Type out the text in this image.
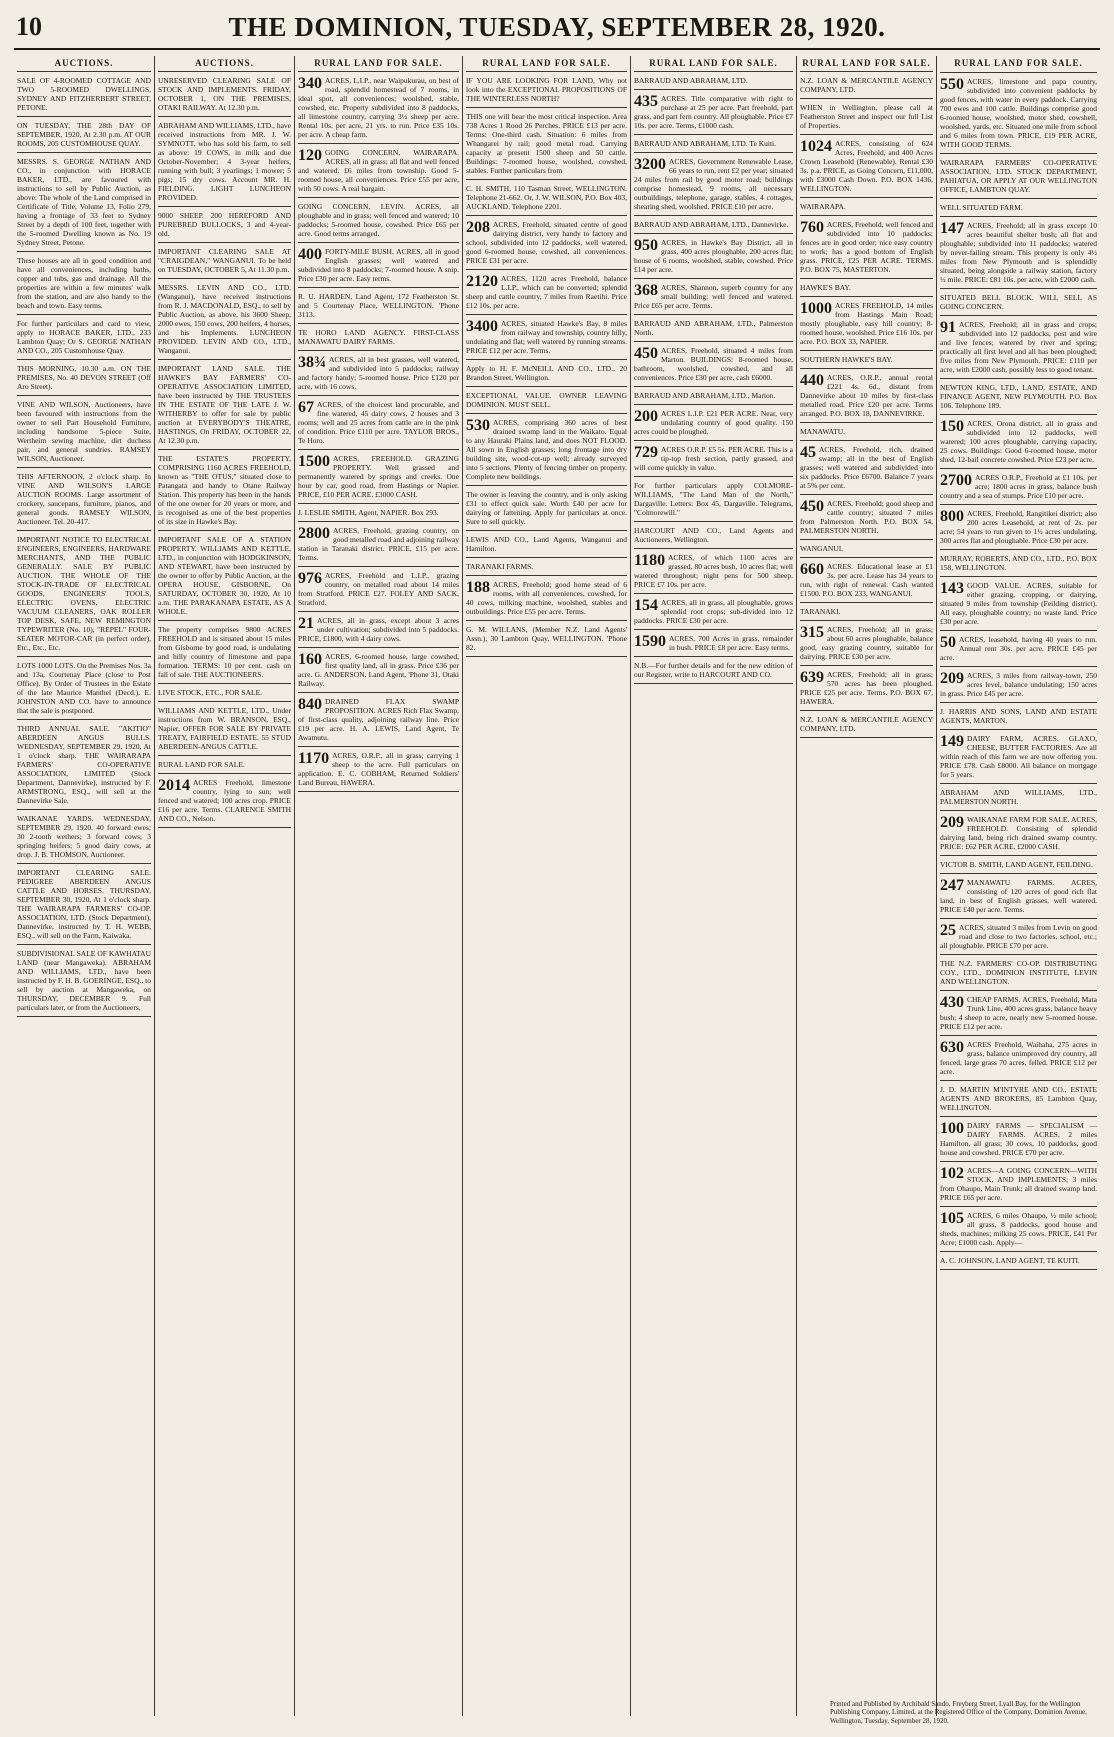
10	THE DOMINION, TUESDAY, SEPTEMBER 28, 1920.
AUCTIONS.
SALE OF 4-ROOMED COTTAGE AND TWO 5-ROOMED DWELLINGS, SYDNEY AND FITZHERBERT STREET, PETONE.
ON TUESDAY, THE 28th DAY OF SEPTEMBER, 1920, At 2.30 p.m. AT OUR ROOMS, 205 CUSTOMHOUSE QUAY.
MESSRS. S. GEORGE NATHAN AND CO., in conjunction with HORACE BAKER, LTD., are favoured with instructions to sell by Public Auction, as above: The whole of the Land comprised in Certificate of Title, Volume 13, Folio 279, having a frontage of 33 feet to Sydney Street by a depth of 100 feet, together with the 5-roomed Dwelling known as No. 19 Sydney Street, Petone.
These houses are all in good condition and have all conveniences, including baths, copper and tubs, gas and drainage. All the properties are within a few minutes' walk from the station, and are also handy to the beach and town. Easy terms.
For further particulars and card to view, apply to HORACE BAKER, LTD., 233 Lambton Quay; Or S. GEORGE NATHAN AND CO., 205 Customhouse Quay.
THIS MORNING, 10.30 a.m. ON THE PREMISES, No. 40 DEVON STREET (Off Aro Street).
VINE AND WILSON, Auctioneers, have been favoured with instructions from the owner to sell Part Household Furniture, including handsome 5-piece Suite, Wertheim sewing machine, dirt duchess pair, and general sundries. RAMSEY WILSON, Auctioneer.
THIS AFTERNOON, 2 o'clock sharp. In VINE AND WILSON'S LARGE AUCTION ROOMS. Large assortment of crockery, saucepans, furniture, pianos, and general goods. RAMSEY WILSON, Auctioneer. Tel. 20-417.
IMPORTANT NOTICE TO ELECTRICAL ENGINEERS, ENGINEERS, HARDWARE MERCHANTS, AND THE PUBLIC GENERALLY. SALE BY PUBLIC AUCTION. THE WHOLE OF THE STOCK-IN-TRADE OF ELECTRICAL GOODS, ENGINEERS' TOOLS, ELECTRIC OVENS, ELECTRIC VACUUM CLEANERS, OAK ROLLER TOP DESK, SAFE, NEW REMINGTON TYPEWRITER (No. 10), "REPEL" FOUR-SEATER MOTOR-CAR (in perfect order), Etc., Etc., Etc.
LOTS 1000 LOTS. On the Premises Nos. 3a and 13a, Courtenay Place (close to Post Office). By Order of Trustees in the Estate of the late Maurice Manthel (Decd.). E. JOHNSTON AND CO. have to announce that the sale is postponed.
THIRD ANNUAL SALE. "AKITIO" ABERDEEN ANGUS BULLS. WEDNESDAY, SEPTEMBER 29, 1920, At 1 o'clock sharp. THE WAIRARAPA FARMERS' CO-OPERATIVE ASSOCIATION, LIMITED (Stock Department, Dannevirke), instructed by F. ARMSTRONG, ESQ., will sell at the Dannevirke Sale.
WAIKANAE YARDS. WEDNESDAY, SEPTEMBER 29, 1920. 40 forward ewes; 30 2-tooth wethers; 3 forward cows; 3 springing heifers; 5 good dairy cows, at drop. J. B. THOMSON, Auctioneer.
IMPORTANT CLEARING SALE. PEDIGREE ABERDEEN ANGUS CATTLE AND HORSES. THURSDAY, SEPTEMBER 30, 1920, At 1 o'clock sharp. THE WAIRARAPA FARMERS' CO-OP. ASSOCIATION, LTD. (Stock Department), Dannevirke, instructed by T. H. WEBB, ESQ., will sell on the Farm, Kaiwaka.
SUBDIVISIONAL SALE OF KAWHATAU LAND (near Mangaweka). ABRAHAM AND WILLIAMS, LTD., have been instructed by F. H. B. GOERINGE, ESQ., to sell by auction at Mangaweka, on THURSDAY, DECEMBER 9. Full particulars later, or from the Auctioneers.
AUCTIONS.
UNRESERVED CLEARING SALE OF STOCK AND IMPLEMENTS. FRIDAY, OCTOBER 1, ON THE PREMISES, OTAKI RAILWAY. At 12.30 p.m.
ABRAHAM AND WILLIAMS, LTD., have received instructions from MR. J. W. SYMNOTT, who has sold his farm, to sell as above: 19 COWS, in milk and due October-November; 4 3-year heifers, running with bull; 3 yearlings; 1 mower; 5 pigs; 15 dry cows. Account MR. H. FIELDING. LIGHT LUNCHEON PROVIDED.
9000 SHEEP. 200 HEREFORD AND PUREBRED BULLOCKS, 3 and 4-year-old.
IMPORTANT CLEARING SALE AT "CRAIGDEAN," WANGANUI. To be held on TUESDAY, OCTOBER 5, At 11.30 p.m.
MESSRS. LEVIN AND CO., LTD. (Wanganui), have received instructions from R. J. MACDONALD, ESQ., to sell by Public Auction, as above, his 3600 Sheep, 2000 ewes, 150 cows, 200 heifers, 4 horses, and his Implements. LUNCHEON PROVIDED. LEVIN AND CO., LTD., Wanganui.
IMPORTANT LAND SALE. THE HAWKE'S BAY FARMERS' CO-OPERATIVE ASSOCIATION LIMITED, have been instructed by THE TRUSTEES IN THE ESTATE OF THE LATE J. W. WITHERBY to offer for sale by public auction at EVERYBODY'S THEATRE, HASTINGS, On FRIDAY, OCTOBER 22, At 12.30 p.m.
THE ESTATE'S PROPERTY, COMPRISING 1160 ACRES FREEHOLD, known as "THE OTUS," situated close to Patangata and handy to Otane Railway Station. This property has been in the hands of the one owner for 20 years or more, and is recognised as one of the best properties of its size in Hawke's Bay.
IMPORTANT SALE OF A STATION PROPERTY. WILLIAMS AND KETTLE, LTD., in conjunction with HODGKINSON, AND STEWART, have been instructed by the owner to offer by Public Auction, at the OPERA HOUSE, GISBORNE, On SATURDAY, OCTOBER 30, 1920, At 10 a.m. THE PARAKANAPA ESTATE, AS A WHOLE.
The property comprises 9800 ACRES FREEHOLD and is situated about 15 miles from Gisborne by good road, is undulating and hilly country of limestone and papa formation. TERMS: 10 per cent. cash on fall of sale. THE AUCTIONEERS.
LIVE STOCK, ETC., FOR SALE.
WILLIAMS AND KETTLE, LTD., Under instructions from W. BRANSON, ESQ., Napier, OFFER FOR SALE BY PRIVATE TREATY, FAIRFIELD ESTATE. 55 STUD ABERDEEN-ANGUS CATTLE.
RURAL LAND FOR SALE.
2014 ACRES Freehold, limestone country, lying to sun; well fenced and watered; 100 acres crop. PRICE £16 per acre. Terms. CLARENCE SMITH AND CO., Nelson.
RURAL LAND FOR SALE.
340 ACRES, L.I.P., near Waipukurau, on best of road, splendid homestead of 7 rooms, in ideal spot, all conveniences; woolshed, stable, cowshed, etc. Property subdivided into 8 paddocks, all limestone country, carrying 3½ sheep per acre. Rental 10s. per acre, 21 yrs. to run. Price £35 10s. per acre. A cheap farm.
120 GOING CONCERN, WAIRARAPA. ACRES, all in grass; all flat and well fenced and watered. £6 miles from township. Good 5-roomed house, all conveniences. Price £55 per acre, with 50 cows. A real bargain.
GOING CONCERN, LEVIN. ACRES, all ploughable and in grass; well fenced and watered; 10 paddocks; 5-roomed house, cowshed. Price £65 per acre. Good terms arranged.
400 FORTY-MILE BUSH. ACRES, all in good English grasses; well watered and subdivided into 8 paddocks; 7-roomed house. A snip. Price £30 per acre. Easy terms.
R. U. HARDEN, Land Agent, 172 Featherston St. and 5 Courtenay Place, WELLINGTON. 'Phone 3113.
TE HORO LAND AGENCY. FIRST-CLASS MANAWATU DAIRY FARMS.
38¾ ACRES, all in best grasses, well watered, and subdivided into 5 paddocks; railway and factory handy; 5-roomed house. Price £120 per acre, with 16 cows.
67 ACRES, of the choicest land procurable, and fine watered, 45 dairy cows, 2 houses and 3 rooms; well and 25 acres from cattle are in the pink of condition. Price £110 per acre. TAYLOR BROS., Te Horo.
1500 ACRES, FREEHOLD. GRAZING PROPERTY. Well grassed and permanently watered by springs and creeks. One hour by car, good road, from Hastings or Napier. PRICE, £10 PER ACRE. £3000 CASH.
J. LESLIE SMITH, Agent, NAPIER. Box 293.
2800 ACRES, Freehold, grazing country, on good metalled road and adjoining railway station in Taranaki district. PRICE, £15 per acre. Terms.
976 ACRES, Freehold and L.I.P., grazing country, on metalled road about 14 miles from Stratford. PRICE £27. FOLEY AND SACK, Stratford.
21 ACRES, all in grass, except about 3 acres under cultivation; subdivided into 5 paddocks. PRICE, £1800, with 4 dairy cows.
160 ACRES, 6-roomed house, large cowshed, first quality land, all in grass. Price £36 per acre. G. ANDERSON, Land Agent, 'Phone 31, Otaki Railway.
840 DRAINED FLAX SWAMP PROPOSITION. ACRES Rich Flax Swamp, of first-class quality, adjoining railway line. Price £19 per acre. H. A. LEWIS, Land Agent, Te Awamutu.
1170 ACRES, O.R.P., all in grass; carrying 1 sheep to the acre. Full particulars on application. E. C. COBHAM, Returned Soldiers' Land Bureau, HAWERA.
RURAL LAND FOR SALE.
IF YOU ARE LOOKING FOR LAND, Why not look into the EXCEPTIONAL PROPOSITIONS OF THE WINTERLESS NORTH?
THIS one will bear the most critical inspection. Area 738 Acres 1 Rood 26 Perches. PRICE £13 per acre. Terms: One-third cash. Situation: 6 miles from Whangarei by rail; good metal road. Carrying capacity at present 1500 sheep and 50 cattle. Buildings: 7-roomed house, woolshed, cowshed, stables. Further particulars from
C. H. SMITH, 110 Tasman Street, WELLINGTON. Telephone 21-662. Or, J. W. WILSON, P.O. Box 403, AUCKLAND. Telephone 2201.
208 ACRES, Freehold, situated centre of good dairying district, very handy to factory and school, subdivided into 12 paddocks, well watered, good 6-roomed house, cowshed, all conveniences. PRICE £31 per acre.
2120 ACRES, 1120 acres Freehold, balance L.I.P., which can be converted; splendid sheep and cattle country, 7 miles from Raetihi. Price £12 10s. per acre.
3400 ACRES, situated Hawke's Bay, 8 miles from railway and township, country hilly, undulating and flat; well watered by running streams. PRICE £12 per acre. Terms.
Apply to H. F. McNEILL AND CO., LTD., 20 Brandon Street, Wellington.
EXCEPTIONAL VALUE. OWNER LEAVING DOMINION. MUST SELL.
530 ACRES, comprising 360 acres of best drained swamp land in the Waikato. Equal to any Hauraki Plains land, and does NOT FLOOD. All sown in English grasses; long frontage into dry building site, wood-cut-up well; already surveyed into 5 sections. Plenty of fencing timber on property. Complete new buildings.
The owner is leaving the country, and is only asking £31 to effect quick sale. Worth £40 per acre for dairying or fattening. Apply for particulars at once. Sure to sell quickly.
LEWIS AND CO., Land Agents, Wanganui and Hamilton.
TARANAKI FARMS.
188 ACRES, Freehold; good home stead of 6 rooms, with all conveniences, cowshed, for 40 cows, milking machine, woolshed, stables and outbuildings. Price £55 per acre. Terms.
G. M. WILLANS, (Member N.Z. Land Agents' Assn.), 30 Lambton Quay, WELLINGTON. 'Phone 82.
RURAL LAND FOR SALE.
BARRAUD AND ABRAHAM, LTD.
435 ACRES. Title comparative with right to purchase at 25 per acre. Part freehold, part grass, and part fern country. All ploughable. Price £7 10s. per acre. Terms, £1000 cash.
BARRAUD AND ABRAHAM, LTD. Te Kuiti.
3200 ACRES, Government Renewable Lease, 66 years to run, rent £2 per year; situated 24 miles from rail by good motor road; buildings comprise homestead, 9 rooms, all necessary outbuildings, telephone, garage, stables, 4 cottages, shearing shed, woolshed. PRICE £10 per acre.
BARRAUD AND ABRAHAM, LTD., Dannevirke.
950 ACRES, in Hawke's Bay District, all in grass, 400 acres ploughable, 200 acres flat; house of 6 rooms, woolshed, stable, cowshed. Price £14 per acre.
368 ACRES, Shannon, superb country for any small building; well fenced and watered. Price £65 per acre. Terms.
BARRAUD AND ABRAHAM, LTD., Palmerston North.
450 ACRES, Freehold, situated 4 miles from Marton. BUILDINGS: 8-roomed house, bathroom, woolshed, cowshed, and all conveniences. Price £30 per acre, cash £6000.
BARRAUD AND ABRAHAM, LTD., Marton.
200 ACRES L.I.P. £21 PER ACRE. Near, very undulating country of good quality. 150 acres could be ploughed.
729 ACRES O.R.P. £5 5s. PER ACRE. This is a tip-top fresh section, partly grassed, and will come quickly in value.
For further particulars apply COLMORE-WILLIAMS, "The Land Man of the North," Dargaville. Letters: Box 45, Dargaville. Telegrams, "Colmorewill."
HARCOURT AND CO., Land Agents and Auctioneers, Wellington.
1180 ACRES, of which 1100 acres are grassed, 80 acres bush, 10 acres flat; well watered throughout; night pens for 500 sheep. PRICE £7 10s. per acre.
154 ACRES, all in grass, all ploughable, grows splendid root crops; sub-divided into 12 paddocks. PRICE £30 per acre.
1590 ACRES, 700 Acres in grass, remainder in bush. PRICE £8 per acre. Easy terms.
N.B.—For further details and for the new edition of our Register, write to HARCOURT AND CO.
RURAL LAND FOR SALE.
N.Z. LOAN & MERCANTILE AGENCY COMPANY, LTD.
WHEN in Wellington, please call at Featherston Street and inspect our full List of Properties.
1024 ACRES, consisting of 624 Acres, Freehold, and 400 Acres Crown Leasehold (Renewable). Rental £30 3s. p.a. PRICE, as Going Concern, £11,000, with £3000 Cash Down. P.O. BOX 1436, WELLINGTON.
WAIRARAPA.
760 ACRES, Freehold, well fenced and subdivided into 10 paddocks; fences are in good order; nice easy country to work; has a good bottom of English grass. PRICE, £25 PER ACRE. TERMS. P.O. BOX 75, MASTERTON.
HAWKE'S BAY.
1000 ACRES FREEHOLD, 14 miles from Hastings Main Road; mostly ploughable, easy hill country; 8-roomed house, woolshed. Price £16 10s. per acre. P.O. BOX 33, NAPIER.
SOUTHERN HAWKE'S BAY.
440 ACRES, O.R.P., annual rental £221 4s. 6d., distant from Dannevirke about 10 miles by first-class metalled road. Price £20 per acre. Terms arranged. P.O. BOX 18, DANNEVIRKE.
MANAWATU.
45 ACRES, Freehold, rich, drained swamp; all in the best of English grasses; well watered and subdivided into six paddocks. Price £6700. Balance 7 years at 5% per cent.
450 ACRES, Freehold; good sheep and cattle country; situated 7 miles from Palmerston North. P.O. BOX 54, PALMERSTON NORTH.
WANGANUI.
660 ACRES. Educational lease at £1 3s. per acre. Lease has 34 years to run, with right of renewal. Cash wanted £1500. P.O. BOX 233, WANGANUI.
TARANAKI.
315 ACRES, Freehold; all in grass; about 60 acres ploughable, balance good, easy grazing country, suitable for dairying. PRICE £30 per acre.
639 ACRES, Freehold; all in grass; 570 acres has been ploughed. PRICE £25 per acre. Terms. P.O. BOX 67, HAWERA.
N.Z. LOAN & MERCANTILE AGENCY COMPANY, LTD.
RURAL LAND FOR SALE.
550 ACRES, limestone and papa country, subdivided into convenient paddocks by good fences, with water in every paddock. Carrying 700 ewes and 100 cattle. Buildings comprise good 6-roomed house, woolshed, motor shed, cowshell, woolshed, yards, etc. Situated one mile from school and 6 miles from town. PRICE, £19 PER ACRE, WITH GOOD TERMS.
WAIRARAPA FARMERS' CO-OPERATIVE ASSOCIATION, LTD. STOCK DEPARTMENT, PAHIATUA, OR APPLY AT OUR WELLINGTON OFFICE, LAMBTON QUAY.
WELL SITUATED FARM.
147 ACRES, Freehold; all in grass except 10 acres beautiful shelter bush; all flat and ploughable; subdivided into 11 paddocks; watered by never-failing stream. This property is only 4½ miles from New Plymouth and is splendidly situated, being alongside a railway station, factory ½ mile. PRICE: £81 10s. per acre, with £2000 cash.
SITUATED BELL BLOCK. WILL SELL AS GOING CONCERN.
91 ACRES, Freehold; all in grass and crops; subdivided into 12 paddocks, post and wire and live fences; watered by river and spring; practically all first level and all has been ploughed; five miles from New Plymouth. PRICE: £110 per acre, with £2000 cash, possibly less to good tenant.
NEWTON KING, LTD., LAND, ESTATE, AND FINANCE AGENT, NEW PLYMOUTH. P.O. Box 106. Telephone 189.
150 ACRES, Orona district, all in grass and subdivided into 12 paddocks, well watered; 100 acres ploughable, carrying capacity, 25 cows. Buildings: Good 6-roomed house, motor shed, 12-bail concrete cowshed. Price £23 per acre.
2700 ACRES O.R.P., Freehold at £1 10s. per acre; 1800 acres in grass, balance bush country and a sea of stumps. Price £10 per acre.
800 ACRES, Freehold, Rangitikei district; also 200 acres Leasehold, at rent of 2s. per acre; 54 years to run given to 1½ acres undulating, 300 acres flat and ploughable. Price £30 per acre.
MURRAY, ROBERTS, AND CO., LTD., P.O. BOX 158, WELLINGTON.
143 GOOD VALUE. ACRES, suitable for either grazing, cropping, or dairying, situated 9 miles from township (Feilding district). All easy, ploughable country; no waste land. Price £30 per acre.
50 ACRES, leasehold, having 40 years to run. Annual rent 30s. per acre. PRICE £45 per acre.
209 ACRES, 3 miles from railway-town, 250 acres level, balance undulating; 150 acres in grass. Price £45 per acre.
J. HARRIS AND SONS, LAND AND ESTATE AGENTS, MARTON.
149 DAIRY FARM, ACRES. GLAXO, CHEESE, BUTTER FACTORIES. Are all within reach of this farm we are now offering you. PRICE £78. Cash £8000. All balance on mortgage for 5 years.
ABRAHAM AND WILLIAMS, LTD., PALMERSTON NORTH.
209 WAIKANAE FARM FOR SALE. ACRES, FREEHOLD. Consisting of splendid dairying land, being rich drained swamp country. PRICE: £62 PER ACRE. £2000 CASH.
VICTOR B. SMITH, LAND AGENT, FEILDING.
247 MANAWATU FARMS. ACRES, consisting of 120 acres of good rich flat land, in best of English grasses, well watered. PRICE £40 per acre. Terms.
25 ACRES, situated 3 miles from Levin on good road and close to two factories, school, etc.; all ploughable. PRICE £70 per acre.
THE N.Z. FARMERS' CO-OP. DISTRIBUTING COY., LTD., DOMINION INSTITUTE, LEVIN AND WELLINGTON.
430 CHEAP FARMS. ACRES, Freehold, Mata Trunk Line, 400 acres grass, balance heavy bush; 4 sheep to acre, nearly new 5-roomed house. PRICE £12 per acre.
630 ACRES Freehold, Waihaha, 275 acres in grass, balance unimproved dry country, all fenced, large grass 70 acres, felled. PRICE £12 per acre.
J. D. MARTIN M'INTYRE AND CO., ESTATE AGENTS AND BROKERS, 85 Lambton Quay, WELLINGTON.
100 DAIRY FARMS — SPECIALISM — DAIRY FARMS. ACRES, 2 miles Hamilton, all grass; 30 cows, 10 paddocks, good house and cowshed. PRICE £70 per acre.
102 ACRES—A GOING CONCERN—WITH STOCK, AND IMPLEMENTS; 3 miles from Ohaupo, Main Trunk; all drained swamp land. PRICE £65 per acre.
105 ACRES, 6 miles Ohaupo, ½ mile school; all grass, 8 paddocks, good house and sheds, machines; milking 25 cows. PRICE, £41 Per Acre; £1000 cash. Apply—
A. C. JOHNSON, LAND AGENT, TE KUITI.
Printed and Published by Archibald Sando, Freyberg Street, Lyall Bay, for the Wellington Publishing Company, Limited, at the Registered Office of the Company, Dominion Avenue, Wellington, Tuesday, September 28, 1920.
